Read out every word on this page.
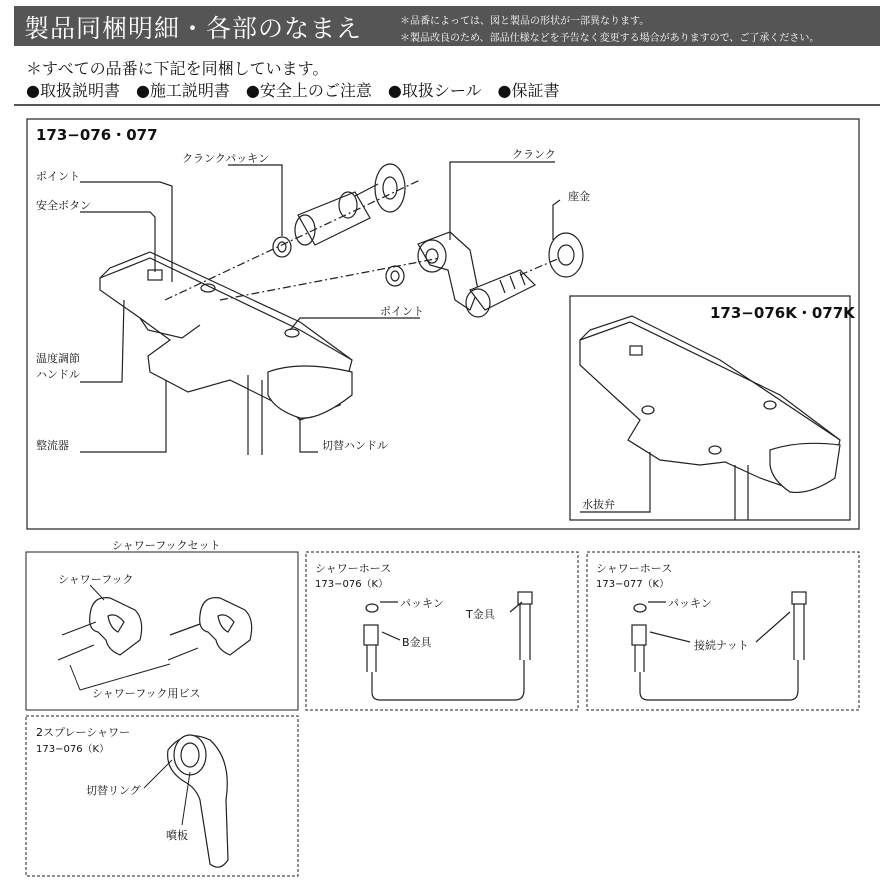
製品同梱明細・各部のなまえ	＊品番によっては、図と製品の形状が一部異なります。
＊製品改良のため、部品仕様などを予告なく変更する場合がありますので、ご了承ください。
＊すべての品番に下記を同梱しています。
●取扱説明書　●施工説明書　●安全上のご注意　●取扱シール　●保証書
173−076・077
クランクパッキン
ポイント
安全ボタン
クランク
座金
ポイント
温度調節
ハンドル
整流器	切替ハンドル
173−076K・077K
水抜弁
シャワーフックセット
シャワーフック
シャワーフック用ビス
シャワーホース
173−076（K）
パッキン
T金具
B金具
シャワーホース
173−077（K）
パッキン
接続ナット
2スプレーシャワー
173−076（K）
切替リング
噴板
